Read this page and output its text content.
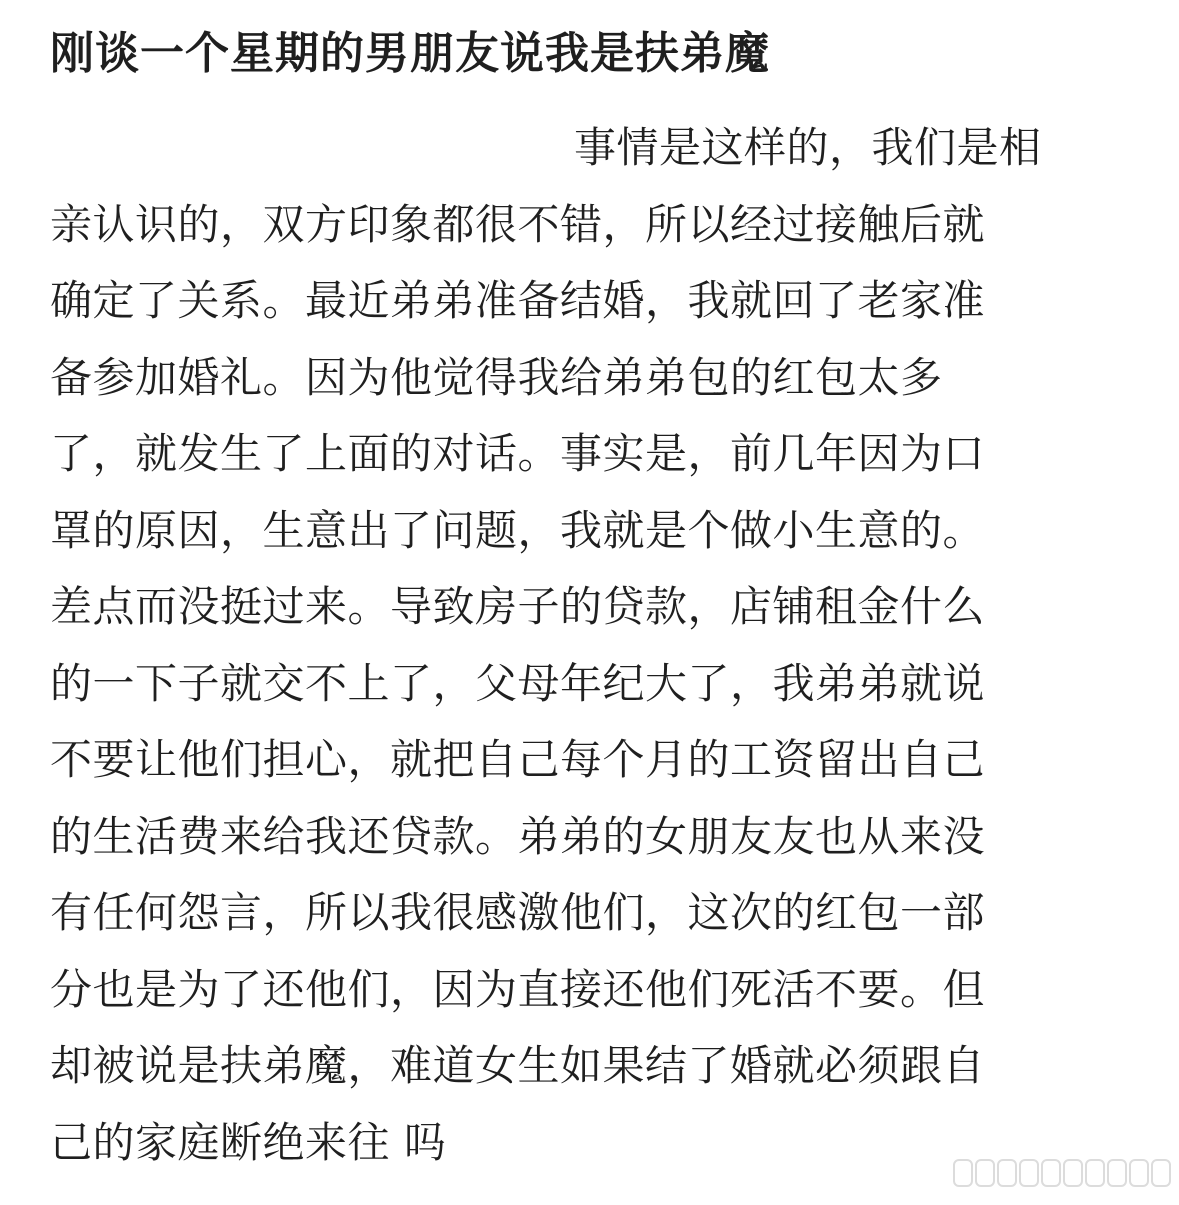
刚谈一个星期的男朋友说我是扶弟魔
事情是这样的，我们是相
亲认识的，双方印象都很不错，所以经过接触后就
确定了关系。最近弟弟准备结婚，我就回了老家准
备参加婚礼。因为他觉得我给弟弟包的红包太多
了，就发生了上面的对话。事实是，前几年因为口
罩的原因，生意出了问题，我就是个做小生意的。
差点而没挺过来。导致房子的贷款，店铺租金什么
的一下子就交不上了，父母年纪大了，我弟弟就说
不要让他们担心，就把自己每个月的工资留出自己
的生活费来给我还贷款。弟弟的女朋友友也从来没
有任何怨言，所以我很感激他们，这次的红包一部
分也是为了还他们，因为直接还他们死活不要。但
却被说是扶弟魔，难道女生如果结了婚就必须跟自
己的家庭断绝来往 吗
